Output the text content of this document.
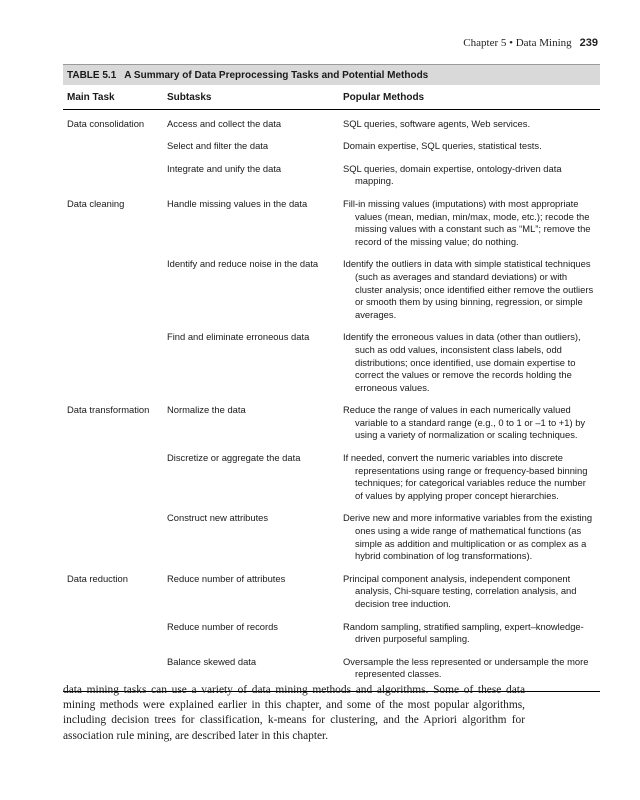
Chapter 5 • Data Mining 239
TABLE 5.1 A Summary of Data Preprocessing Tasks and Potential Methods
Main Task	Subtasks	Popular Methods
Data consolidation	Access and collect the data	SQL queries, software agents, Web services.

	Select and filter the data	Domain expertise, SQL queries, statistical tests.

	Integrate and unify the data	SQL queries, domain expertise, ontology-driven data mapping.

Data cleaning	Handle missing values in the data	Fill-in missing values (imputations) with most appropriate values (mean, median, min/max, mode, etc.); recode the missing values with a constant such as “ML”; remove the record of the missing value; do nothing.

	Identify and reduce noise in the data	Identify the outliers in data with simple statistical techniques (such as averages and standard deviations) or with cluster analysis; once identified either remove the outliers or smooth them by using binning, regression, or simple averages.

	Find and eliminate erroneous data	Identify the erroneous values in data (other than outliers), such as odd values, inconsistent class labels, odd distributions; once identified, use domain expertise to correct the values or remove the records holding the erroneous values.

Data transformation	Normalize the data	Reduce the range of values in each numerically valued variable to a standard range (e.g., 0 to 1 or –1 to +1) by using a variety of normalization or scaling techniques.

	Discretize or aggregate the data	If needed, convert the numeric variables into discrete representations using range or frequency-based binning techniques; for categorical variables reduce the number of values by applying proper concept hierarchies.

	Construct new attributes	Derive new and more informative variables from the existing ones using a wide range of mathematical functions (as simple as addition and multiplication or as complex as a hybrid combination of log transformations).

Data reduction	Reduce number of attributes	Principal component analysis, independent component analysis, Chi-square testing, correlation analysis, and decision tree induction.

	Reduce number of records	Random sampling, stratified sampling, expert–knowledge-driven purposeful sampling.

	Balance skewed data	Oversample the less represented or undersample the more represented classes.
data mining tasks can use a variety of data mining methods and algorithms. Some of these data mining methods were explained earlier in this chapter, and some of the most popular algorithms, including decision trees for classification, k-means for clustering, and the Apriori algorithm for association rule mining, are described later in this chapter.
